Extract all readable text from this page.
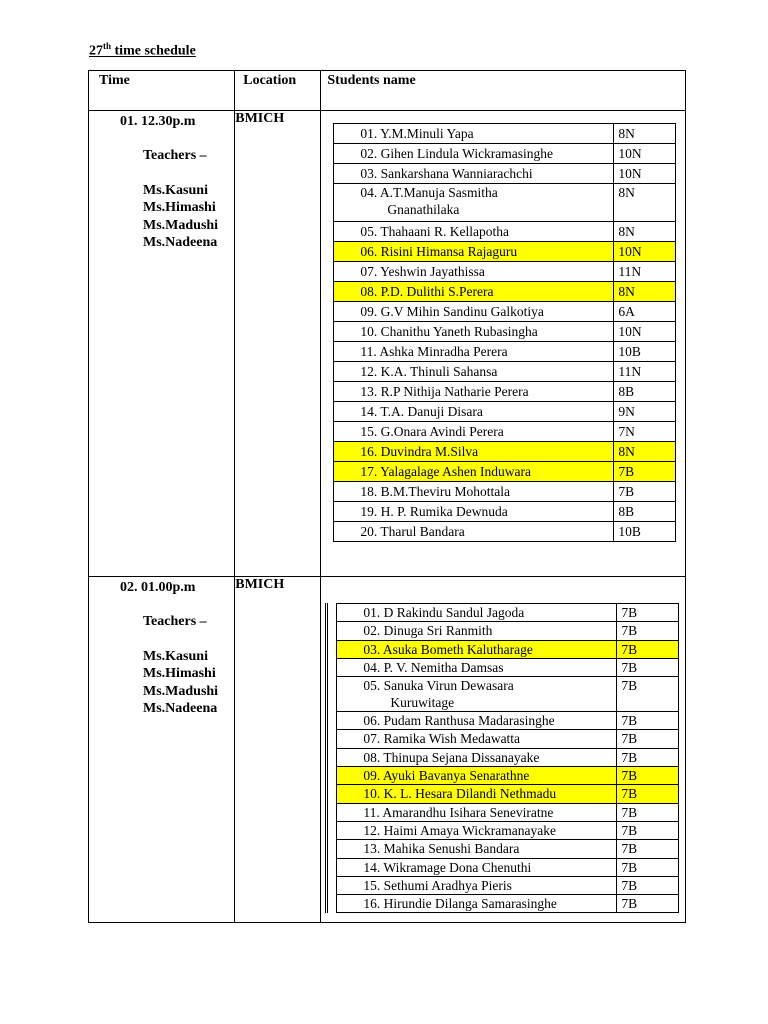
27th time schedule
Time	Location	Students name

01. 12.30p.m
Teachers –
Ms.Kasuni
Ms.Himashi
Ms.Madushi
Ms.Nadeena
	BMICH	
01. Y.M.Minuli Yapa	8N
02. Gihen Lindula Wickramasinghe	10N
03. Sankarshana Wanniarachchi	10N
04. A.T.Manuja Sasmitha
Gnanathilaka
	8N
05. Thahaani R. Kellapotha	8N
06. Risini Himansa Rajaguru	10N
07. Yeshwin Jayathissa	11N
08. P.D. Dulithi S.Perera	8N
09. G.V Mihin Sandinu Galkotiya	6A
10. Chanithu Yaneth Rubasingha	10N
11. Ashka Minradha Perera	10B
12. K.A. Thinuli Sahansa	11N
13. R.P Nithija Natharie Perera	8B
14. T.A. Danuji Disara	9N
15. G.Onara Avindi Perera	7N
16. Duvindra M.Silva	8N
17. Yalagalage Ashen Induwara	7B
18. B.M.Theviru Mohottala	7B
19. H. P. Rumika Dewnuda	8B
20. Tharul Bandara	10B

02. 01.00p.m
Teachers –
Ms.Kasuni
Ms.Himashi
Ms.Madushi
Ms.Nadeena
	BMICH	
01. D Rakindu Sandul Jagoda	7B
02. Dinuga Sri Ranmith	7B
03. Asuka Bometh Kalutharage	7B
04. P. V. Nemitha Damsas	7B
05. Sanuka Virun Dewasara
Kuruwitage
	7B
06. Pudam Ranthusa Madarasinghe	7B
07. Ramika Wish Medawatta	7B
08. Thinupa Sejana Dissanayake	7B
09. Ayuki Bavanya Senarathne	7B
10. K. L. Hesara Dilandi Nethmadu	7B
11. Amarandhu Isihara Seneviratne	7B
12. Haimi Amaya Wickramanayake	7B
13. Mahika Senushi Bandara	7B
14. Wikramage Dona Chenuthi	7B
15. Sethumi Aradhya Pieris	7B
16. Hirundie Dilanga Samarasinghe	7B
